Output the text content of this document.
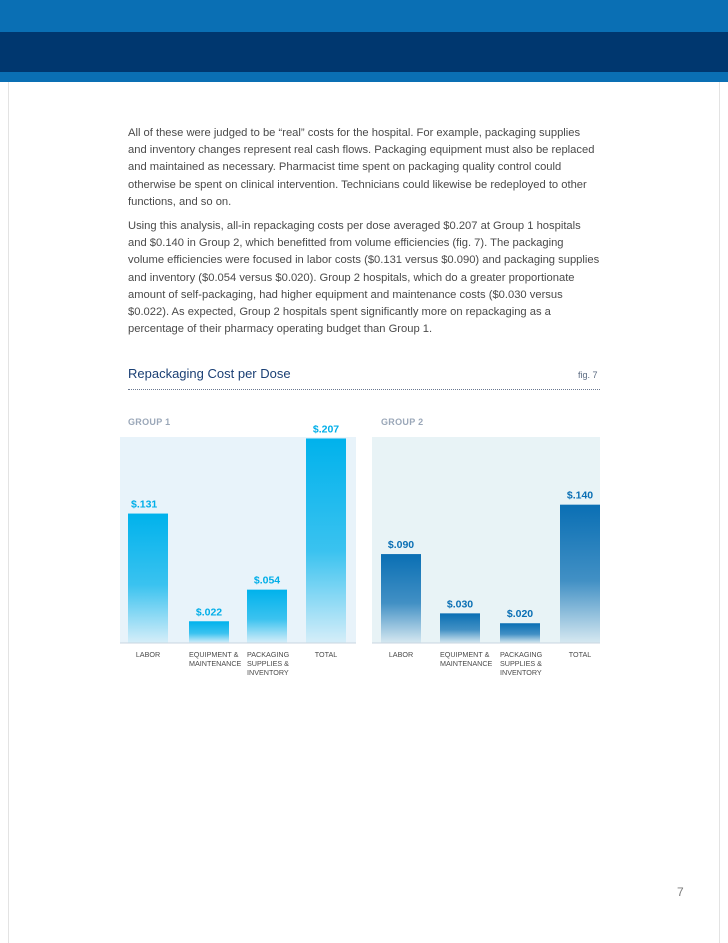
All of these were judged to be “real” costs for the hospital. For example, packaging supplies and inventory changes represent real cash flows. Packaging equipment must also be replaced and maintained as necessary. Pharmacist time spent on packaging quality control could otherwise be spent on clinical intervention. Technicians could likewise be redeployed to other functions, and so on.

Using this analysis, all-in repackaging costs per dose averaged $0.207 at Group 1 hospitals and $0.140 in Group 2, which benefitted from volume efficiencies (fig. 7). The packaging volume efficiencies were focused in labor costs ($0.131 versus $0.090) and packaging supplies and inventory ($0.054 versus $0.020). Group 2 hospitals, which do a greater proportionate amount of self-packaging, had higher equipment and maintenance costs ($0.030 versus $0.022). As expected, Group 2 hospitals spent significantly more on repackaging as a percentage of their pharmacy operating budget than Group 1.

Repackaging Cost per Dose	fig. 7
GROUP 1	GROUP 2
$.131
LABOR
$.022
EQUIPMENT & MAINTENANCE
$.054
PACKAGING SUPPLIES & INVENTORY
$.207
TOTAL
$.090
LABOR
$.030
EQUIPMENT & MAINTENANCE
$.020
PACKAGING SUPPLIES & INVENTORY
$.140
TOTAL
7
